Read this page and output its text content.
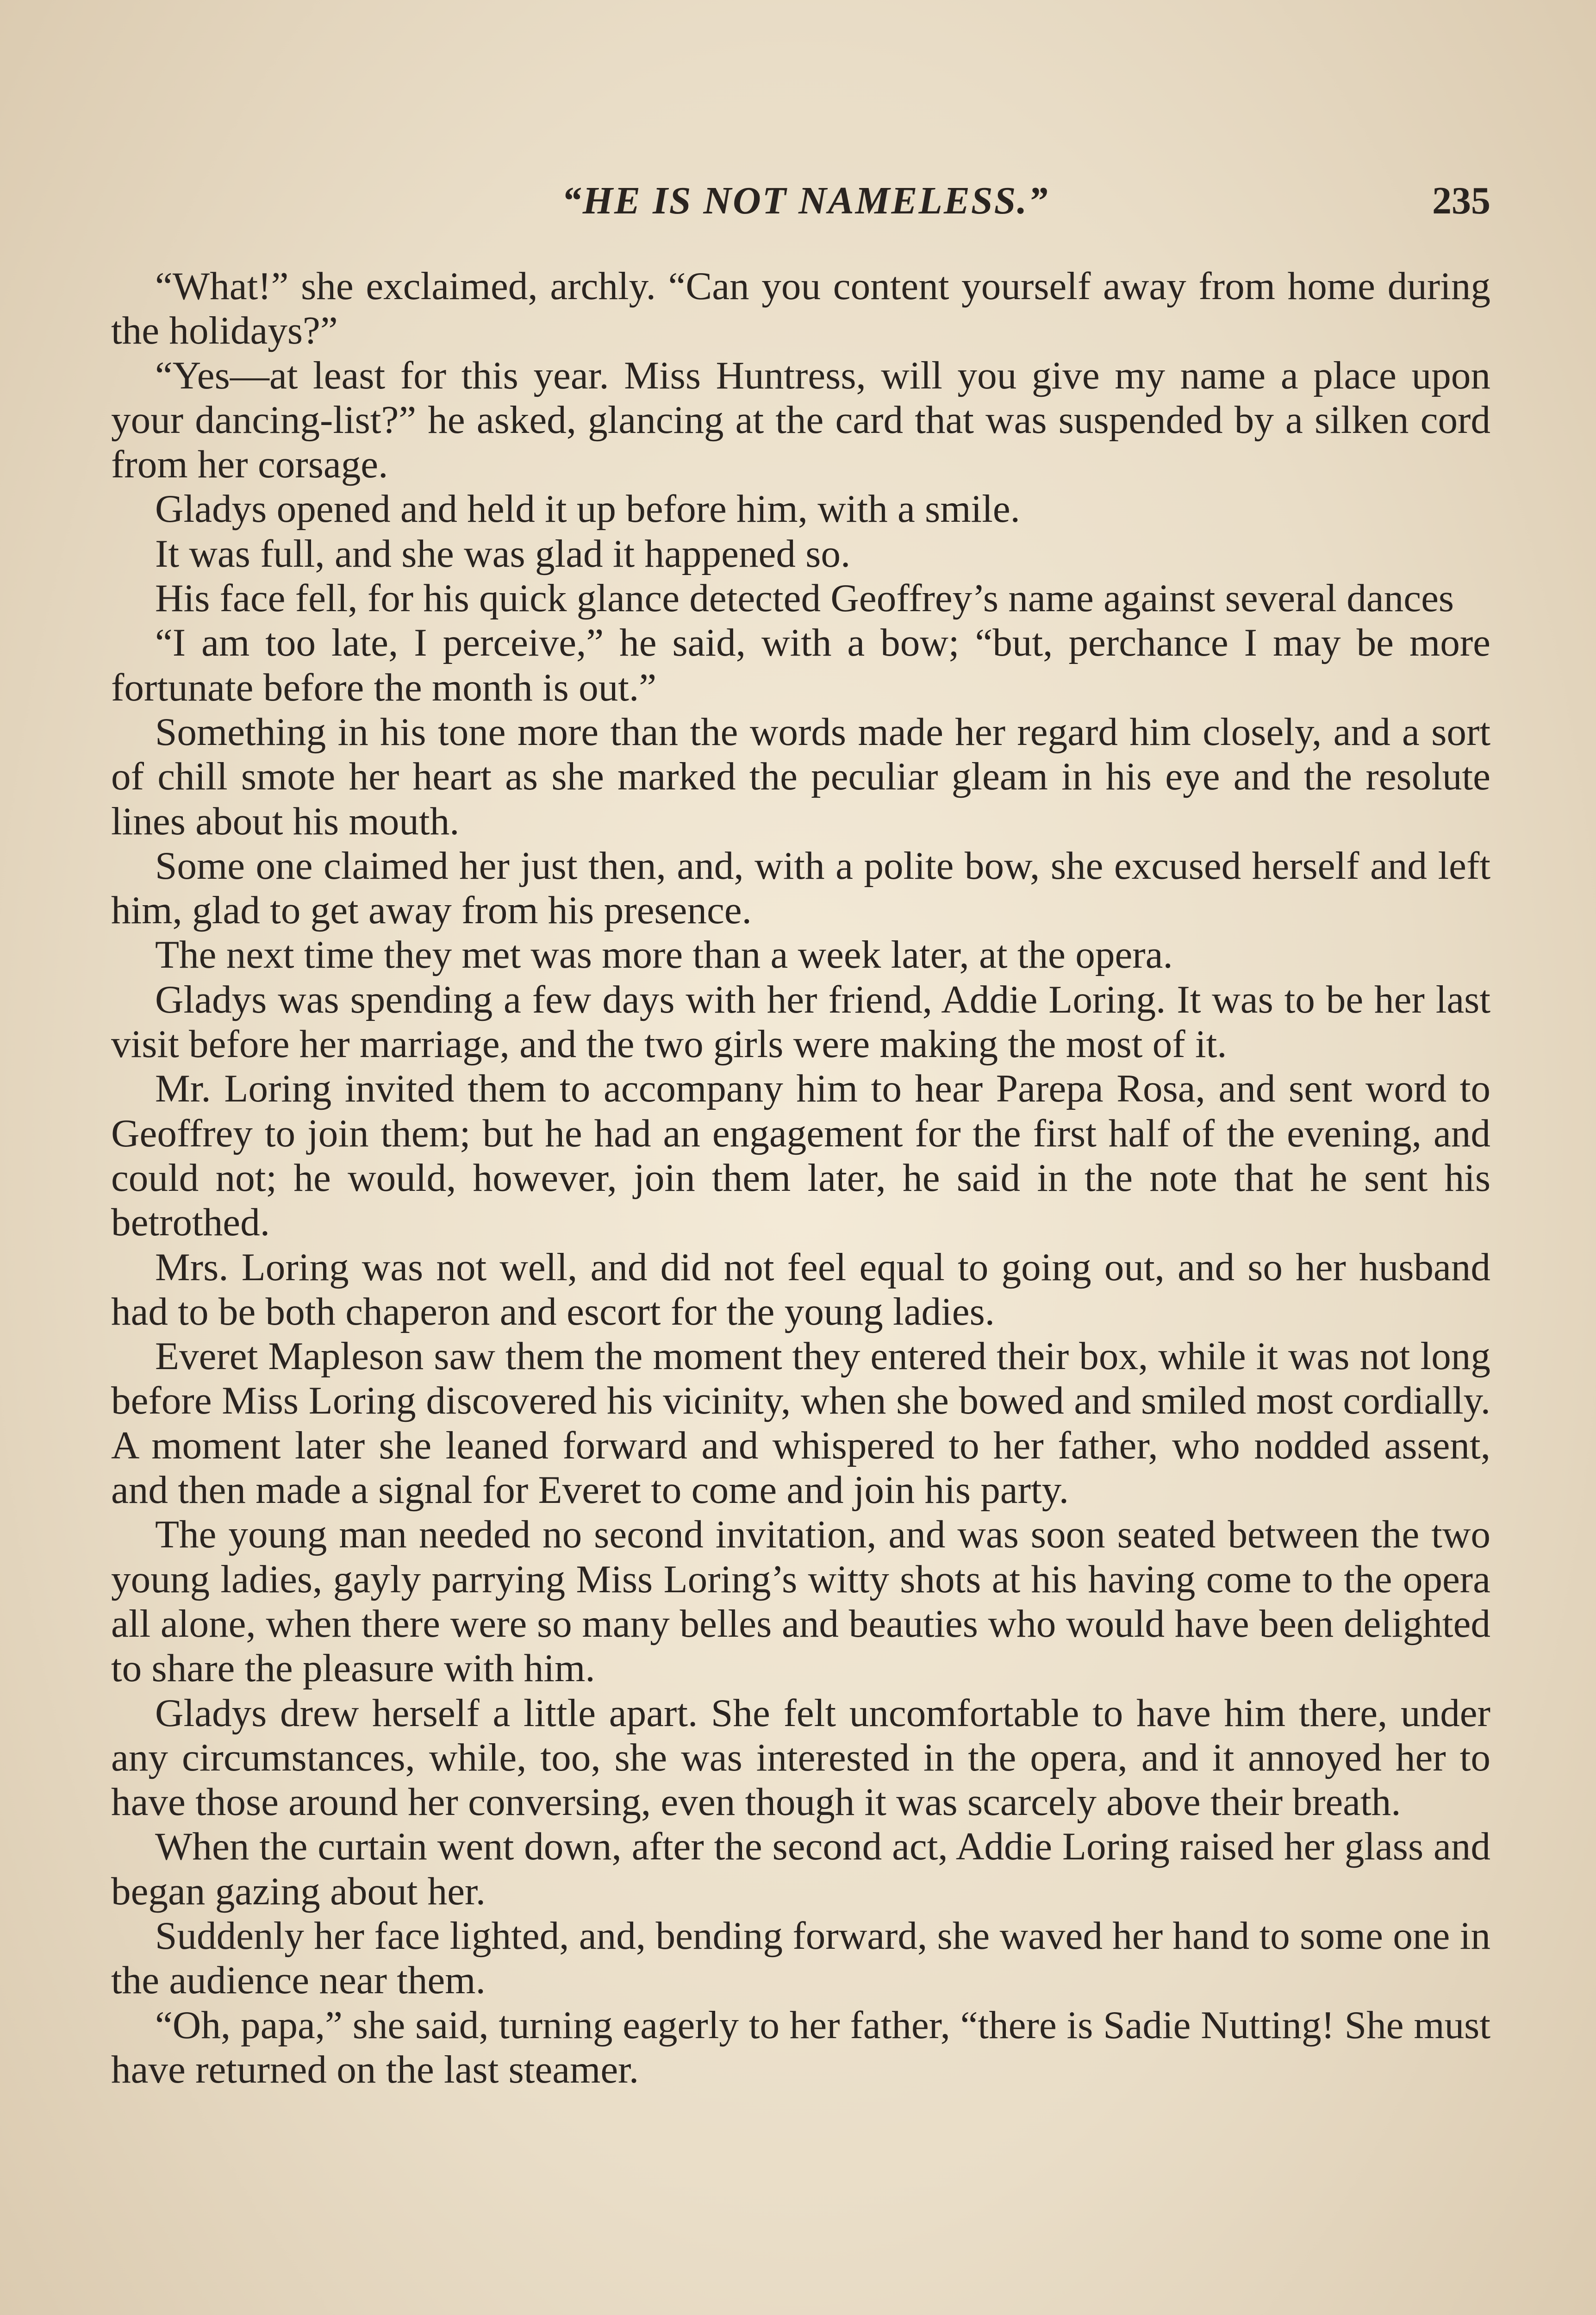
“HE IS NOT NAMELESS.”	235

“What!” she exclaimed, archly. “Can you content yourself away from home during the holidays?”

“Yes—at least for this year. Miss Huntress, will you give my name a place upon your dancing-list?” he asked, glancing at the card that was suspended by a silken cord from her corsage.

Gladys opened and held it up before him, with a smile.

It was full, and she was glad it happened so.

His face fell, for his quick glance detected Geoffrey’s name against several dances

“I am too late, I perceive,” he said, with a bow; “but, perchance I may be more fortunate before the month is out.”

Something in his tone more than the words made her regard him closely, and a sort of chill smote her heart as she marked the peculiar gleam in his eye and the resolute lines about his mouth.

Some one claimed her just then, and, with a polite bow, she excused herself and left him, glad to get away from his presence.

The next time they met was more than a week later, at the opera.

Gladys was spending a few days with her friend, Addie Loring. It was to be her last visit before her marriage, and the two girls were making the most of it.

Mr. Loring invited them to accompany him to hear Parepa Rosa, and sent word to Geoffrey to join them; but he had an engagement for the first half of the evening, and could not; he would, however, join them later, he said in the note that he sent his betrothed.

Mrs. Loring was not well, and did not feel equal to going out, and so her husband had to be both chaperon and escort for the young ladies.

Everet Mapleson saw them the moment they entered their box, while it was not long before Miss Loring discovered his vicinity, when she bowed and smiled most cordially. A moment later she leaned forward and whispered to her father, who nodded assent, and then made a signal for Everet to come and join his party.

The young man needed no second invitation, and was soon seated between the two young ladies, gayly parrying Miss Loring’s witty shots at his having come to the opera all alone, when there were so many belles and beauties who would have been delighted to share the pleasure with him.

Gladys drew herself a little apart. She felt uncomfortable to have him there, under any circumstances, while, too, she was interested in the opera, and it annoyed her to have those around her conversing, even though it was scarcely above their breath.

When the curtain went down, after the second act, Addie Loring raised her glass and began gazing about her.

Suddenly her face lighted, and, bending forward, she waved her hand to some one in the audience near them.

“Oh, papa,” she said, turning eagerly to her father, “there is Sadie Nutting! She must have returned on the last steamer.
